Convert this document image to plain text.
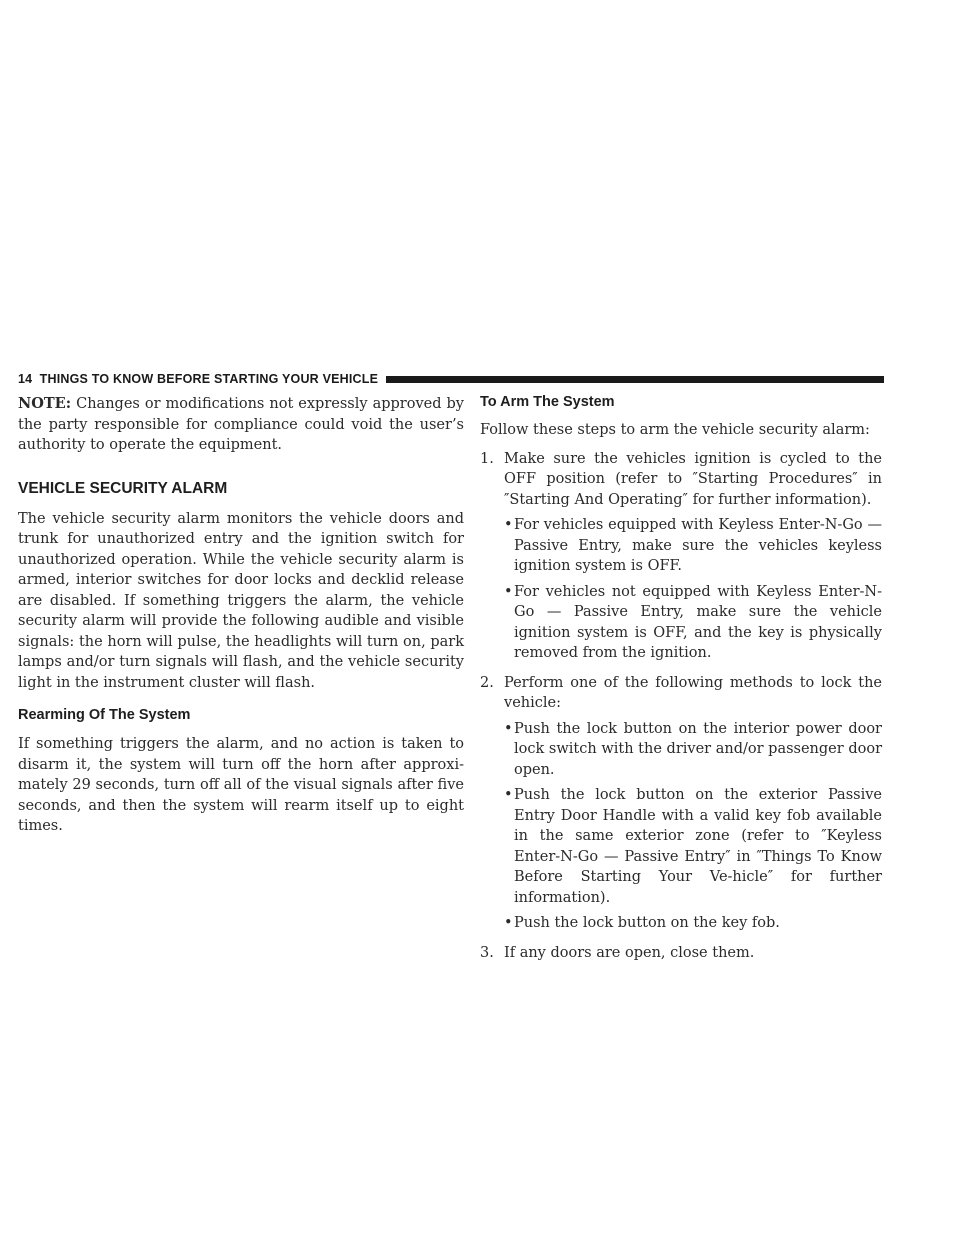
14 THINGS TO KNOW BEFORE STARTING YOUR VEHICLE

NOTE: Changes or modifications not expressly approved by the party responsible for compliance could void the user’s authority to operate the equipment.

VEHICLE SECURITY ALARM

The vehicle security alarm monitors the vehicle doors and trunk for unauthorized entry and the ignition switch for unauthorized operation. While the vehicle security alarm is armed, interior switches for door locks and decklid release are disabled. If something triggers the alarm, the vehicle security alarm will provide the following audible and visible signals: the horn will pulse, the headlights will turn on, park lamps and/or turn signals will flash, and the vehicle security light in the instrument cluster will flash.

Rearming Of The System

If something triggers the alarm, and no action is taken to disarm it, the system will turn off the horn after approxi-mately 29 seconds, turn off all of the visual signals after five seconds, and then the system will rearm itself up to eight times.

To Arm The System

Follow these steps to arm the vehicle security alarm:

1. Make sure the vehicles ignition is cycled to the OFF position (refer to ″Starting Procedures″ in ″Starting And Operating″ for further information).
• For vehicles equipped with Keyless Enter-N-Go — Passive Entry, make sure the vehicles keyless ignition system is OFF.
• For vehicles not equipped with Keyless Enter-N-Go — Passive Entry, make sure the vehicle ignition system is OFF, and the key is physically removed from the ignition.
2. Perform one of the following methods to lock the vehicle:
• Push the lock button on the interior power door lock switch with the driver and/or passenger door open.
• Push the lock button on the exterior Passive Entry Door Handle with a valid key fob available in the same exterior zone (refer to ″Keyless Enter-N-Go — Passive Entry″ in ″Things To Know Before Starting Your Ve-hicle″ for further information).
• Push the lock button on the key fob.
3. If any doors are open, close them.
